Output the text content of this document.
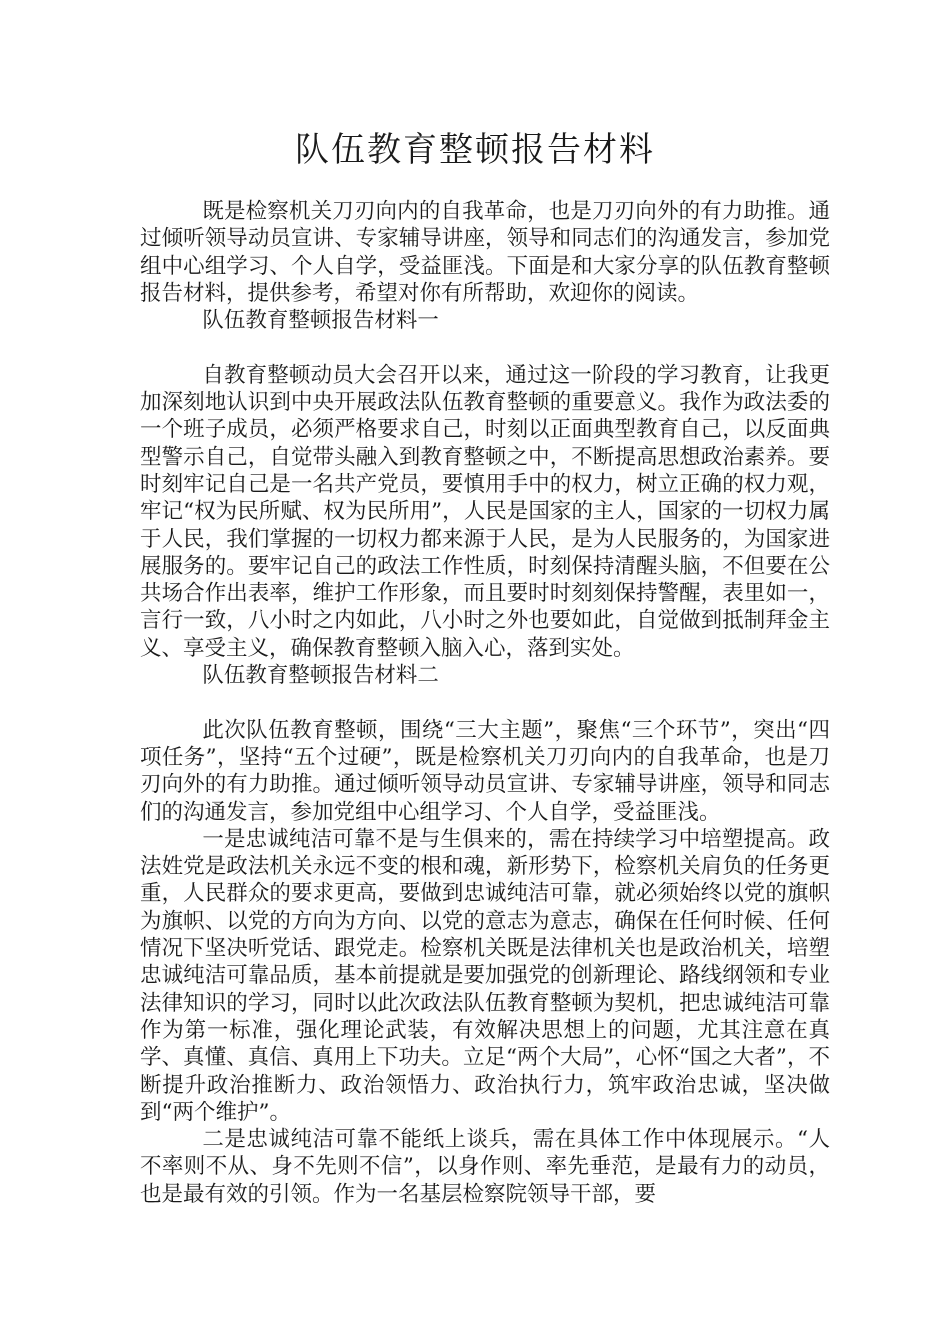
队伍教育整顿报告材料

既是检察机关刀刃向内的自我革命，也是刀刃向外的有力助推。通过倾听领导动员宣讲、专家辅导讲座，领导和同志们的沟通发言，参加党组中心组学习、个人自学，受益匪浅。下面是和大家分享的队伍教育整顿报告材料，提供参考，希望对你有所帮助，欢迎你的阅读。

队伍教育整顿报告材料一

自教育整顿动员大会召开以来，通过这一阶段的学习教育，让我更加深刻地认识到中央开展政法队伍教育整顿的重要意义。我作为政法委的一个班子成员，必须严格要求自己，时刻以正面典型教育自己，以反面典型警示自己，自觉带头融入到教育整顿之中，不断提高思想政治素养。要时刻牢记自己是一名共产党员，要慎用手中的权力，树立正确的权力观，牢记“权为民所赋、权为民所用”，人民是国家的主人，国家的一切权力属于人民，我们掌握的一切权力都来源于人民，是为人民服务的，为国家进展服务的。要牢记自己的政法工作性质，时刻保持清醒头脑，不但要在公共场合作出表率，维护工作形象，而且要时时刻刻保持警醒，表里如一，言行一致，八小时之内如此，八小时之外也要如此，自觉做到抵制拜金主义、享受主义，确保教育整顿入脑入心，落到实处。

队伍教育整顿报告材料二

此次队伍教育整顿，围绕“三大主题”，聚焦“三个环节”，突出“四项任务”，坚持“五个过硬”，既是检察机关刀刃向内的自我革命，也是刀刃向外的有力助推。通过倾听领导动员宣讲、专家辅导讲座，领导和同志们的沟通发言，参加党组中心组学习、个人自学，受益匪浅。

一是忠诚纯洁可靠不是与生俱来的，需在持续学习中培塑提高。政法姓党是政法机关永远不变的根和魂，新形势下，检察机关肩负的任务更重，人民群众的要求更高，要做到忠诚纯洁可靠，就必须始终以党的旗帜为旗帜、以党的方向为方向、以党的意志为意志，确保在任何时候、任何情况下坚决听党话、跟党走。检察机关既是法律机关也是政治机关，培塑忠诚纯洁可靠品质，基本前提就是要加强党的创新理论、路线纲领和专业法律知识的学习，同时以此次政法队伍教育整顿为契机，把忠诚纯洁可靠作为第一标准，强化理论武装，有效解决思想上的问题，尤其注意在真学、真懂、真信、真用上下功夫。立足“两个大局”，心怀“国之大者”，不断提升政治推断力、政治领悟力、政治执行力，筑牢政治忠诚，坚决做到“两个维护”。

二是忠诚纯洁可靠不能纸上谈兵，需在具体工作中体现展示。“人不率则不从、身不先则不信”，以身作则、率先垂范，是最有力的动员，也是最有效的引领。作为一名基层检察院领导干部，要
